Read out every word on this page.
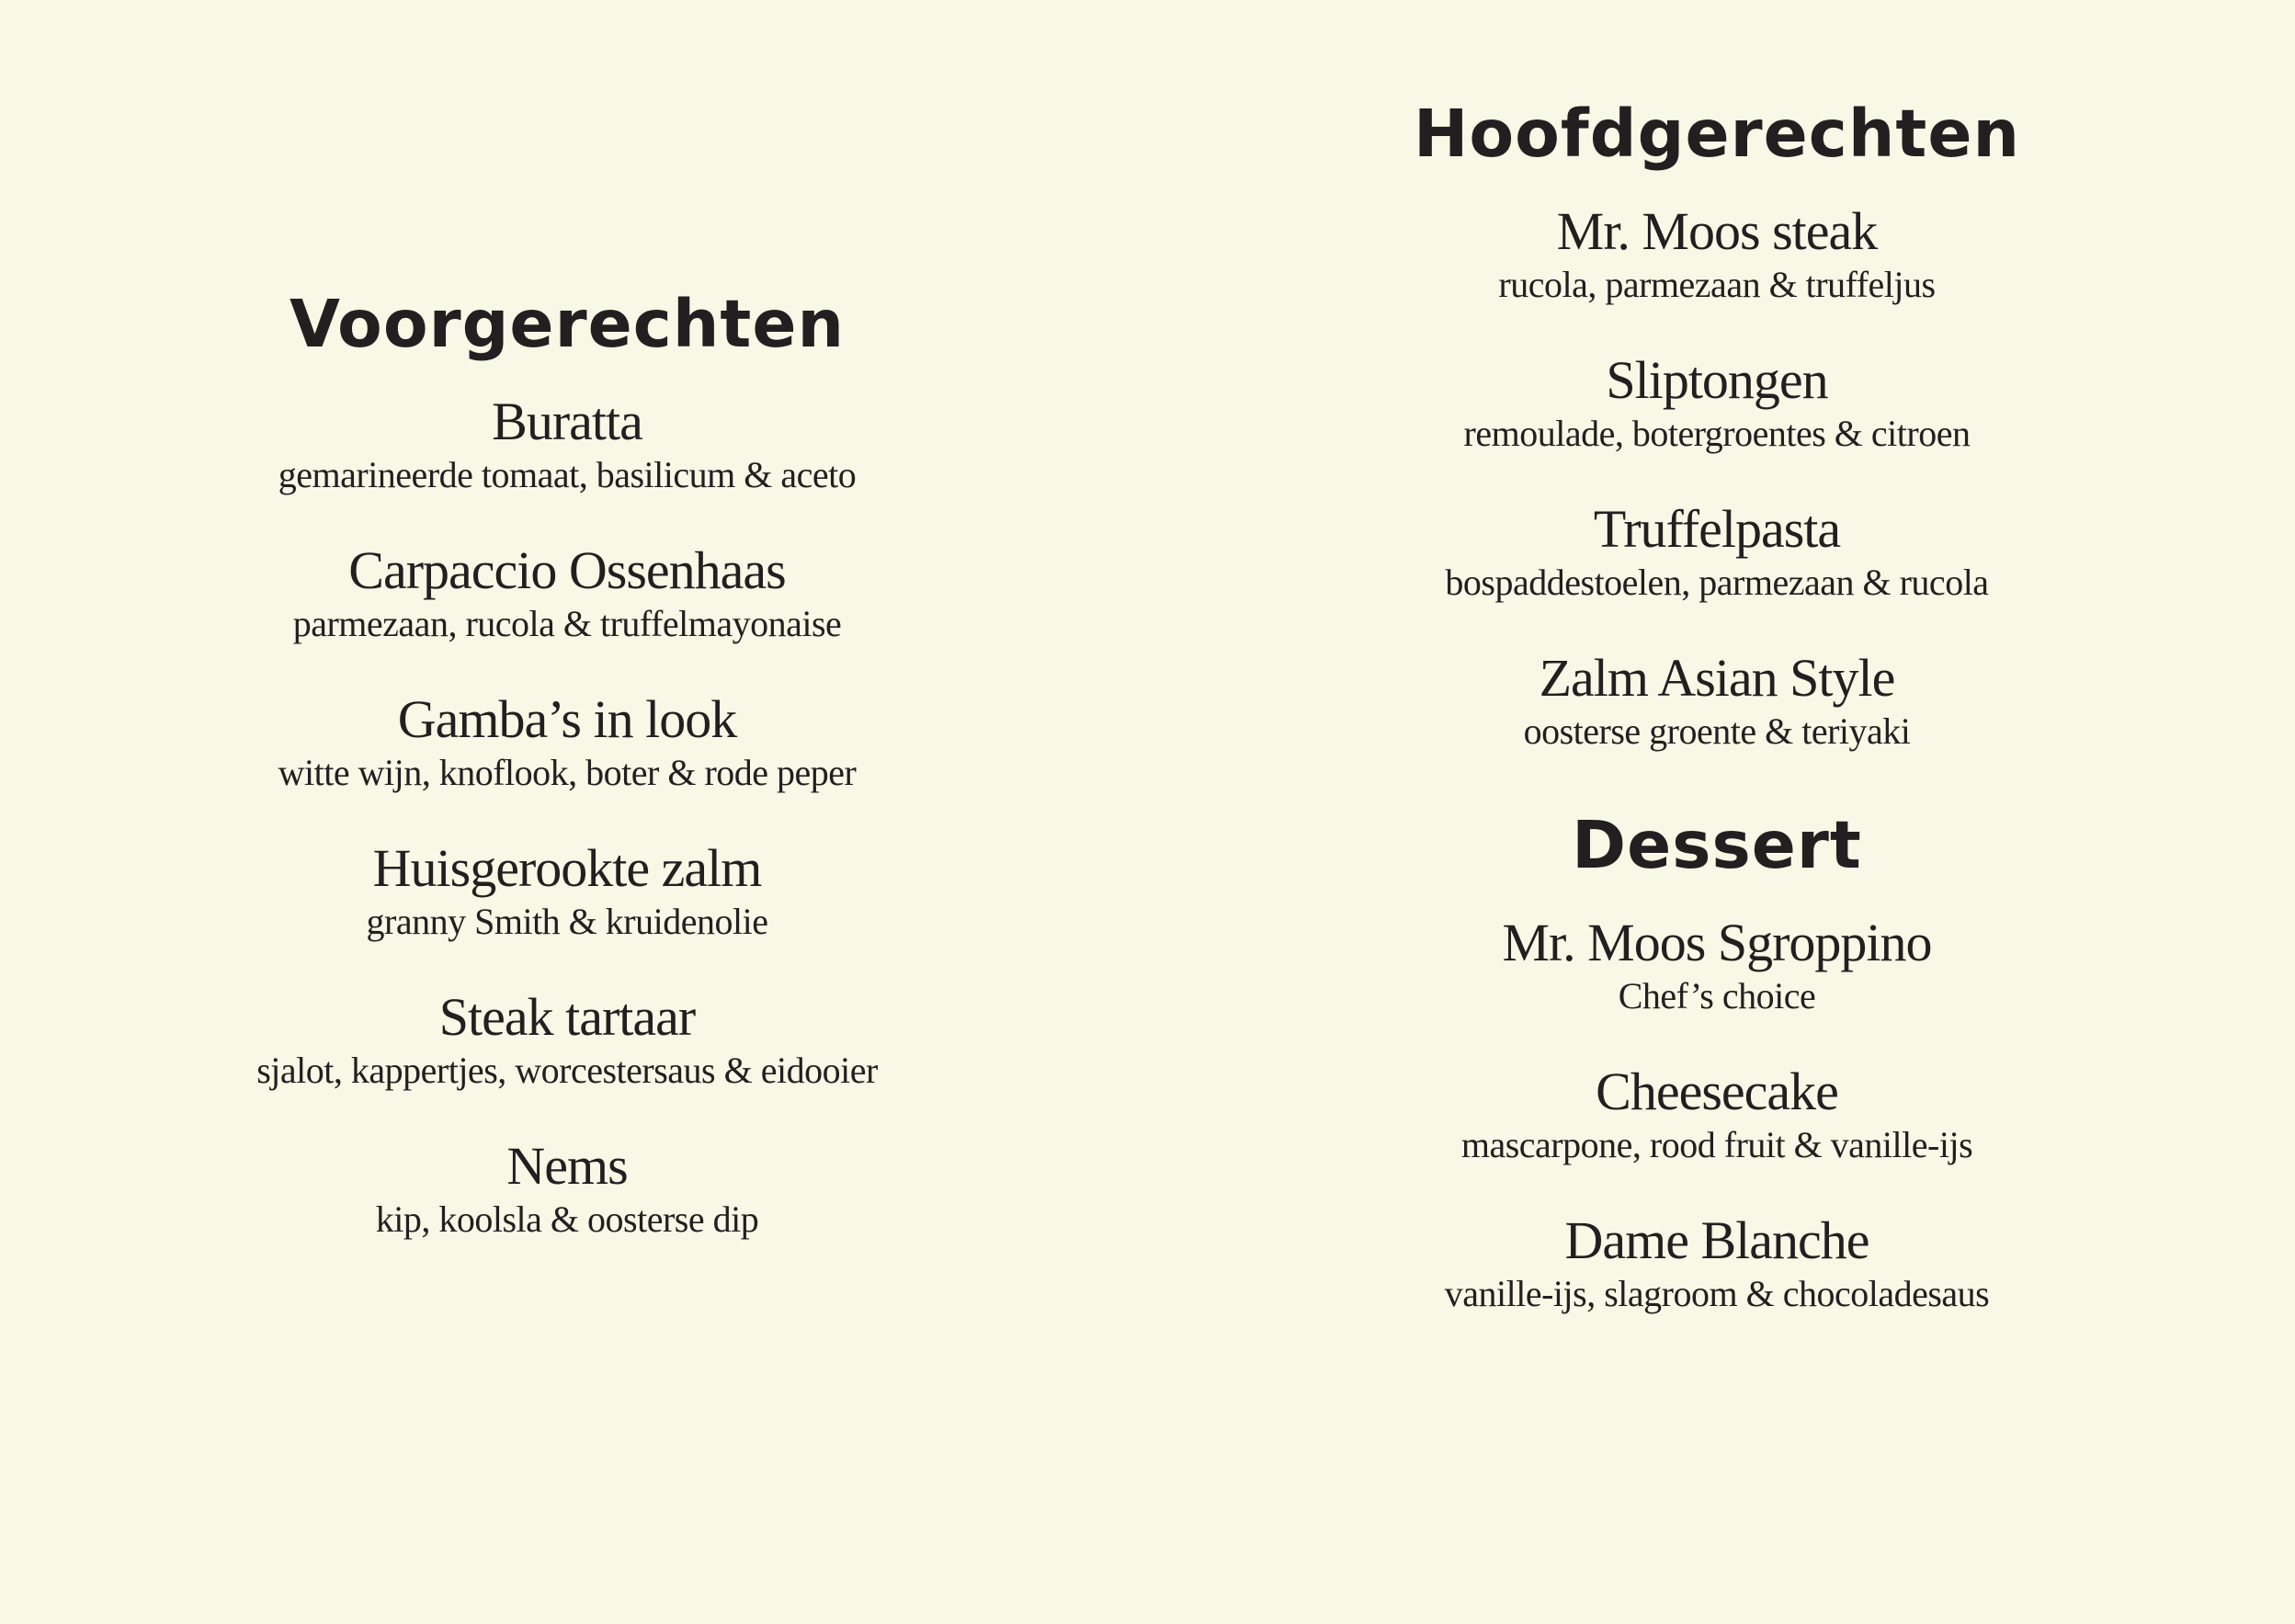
Voorgerechten
Buratta
gemarineerde tomaat, basilicum & aceto
Carpaccio Ossenhaas
parmezaan, rucola & truffelmayonaise
Gamba’s in look
witte wijn, knoflook, boter & rode peper
Huisgerookte zalm
granny Smith & kruidenolie
Steak tartaar
sjalot, kappertjes, worcestersaus & eidooier
Nems
kip, koolsla & oosterse dip
Hoofdgerechten
Mr. Moos steak
rucola, parmezaan & truffeljus
Sliptongen
remoulade, botergroentes & citroen
Truffelpasta
bospaddestoelen, parmezaan & rucola
Zalm Asian Style
oosterse groente & teriyaki
Dessert
Mr. Moos Sgroppino
Chef’s choice
Cheesecake
mascarpone, rood fruit & vanille-ijs
Dame Blanche
vanille-ijs, slagroom & chocoladesaus
